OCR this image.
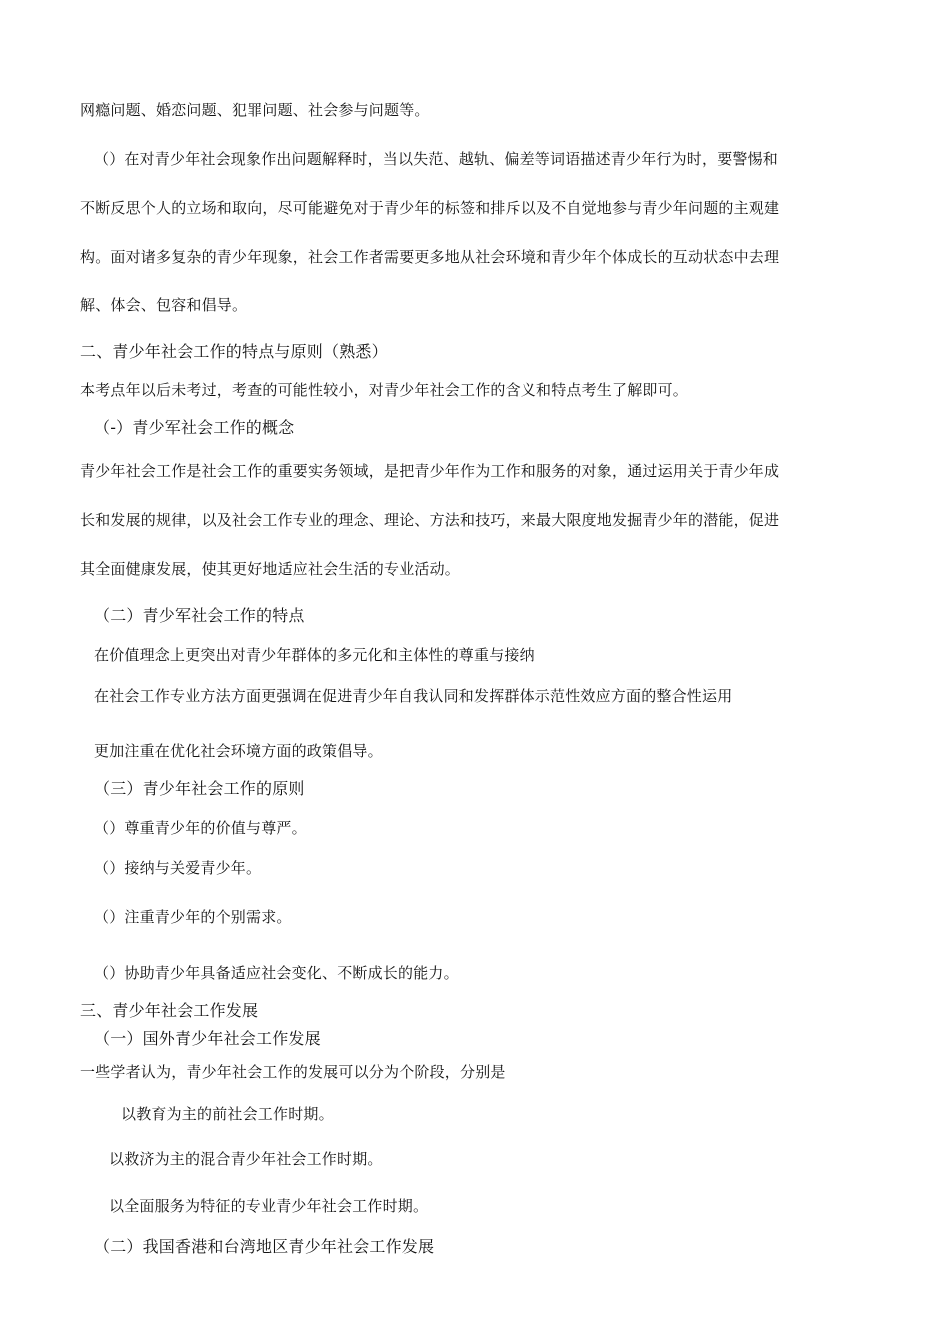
网瘾问题、婚恋问题、犯罪问题、社会参与问题等。
（）在对青少年社会现象作出问题解释时，当以失范、越轨、偏差等词语描述青少年行为时，要警惕和
不断反思个人的立场和取向，尽可能避免对于青少年的标签和排斥以及不自觉地参与青少年问题的主观建
构。面对诸多复杂的青少年现象，社会工作者需要更多地从社会环境和青少年个体成长的互动状态中去理
解、体会、包容和倡导。
二、青少年社会工作的特点与原则（熟悉）
本考点年以后未考过，考查的可能性较小，对青少年社会工作的含义和特点考生了解即可。
（-）青少军社会工作的概念
青少年社会工作是社会工作的重要实务领域，是把青少年作为工作和服务的对象，通过运用关于青少年成
长和发展的规律，以及社会工作专业的理念、理论、方法和技巧，来最大限度地发掘青少年的潜能，促进
其全面健康发展，使其更好地适应社会生活的专业活动。
（二）青少军社会工作的特点
在价值理念上更突出对青少年群体的多元化和主体性的尊重与接纳
在社会工作专业方法方面更强调在促进青少年自我认同和发挥群体示范性效应方面的整合性运用
更加注重在优化社会环境方面的政策倡导。
（三）青少年社会工作的原则
（）尊重青少年的价值与尊严。
（）接纳与关爱青少年。
（）注重青少年的个别需求。
（）协助青少年具备适应社会变化、不断成长的能力。
三、青少年社会工作发展
（一）国外青少年社会工作发展
一些学者认为，青少年社会工作的发展可以分为个阶段，分别是
以教育为主的前社会工作时期。
以救济为主的混合青少年社会工作时期。
以全面服务为特征的专业青少年社会工作时期。
（二）我国香港和台湾地区青少年社会工作发展
